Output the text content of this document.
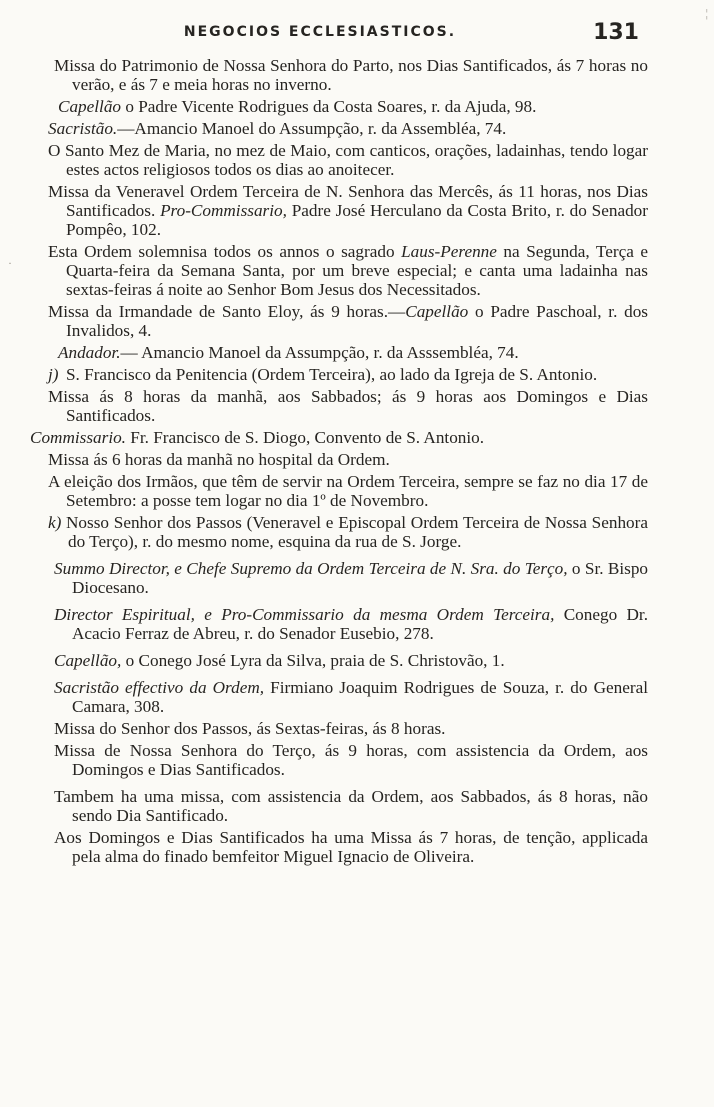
NEGOCIOS ECCLESIASTICOS.	131
¦
·

Missa do Patrimonio de Nossa Senhora do Parto, nos Dias Santificados, ás 7 horas no verão, e ás 7 e meia horas no inverno.

Capellão o Padre Vicente Rodrigues da Costa Soares, r. da Ajuda, 98.

Sacristão.—Amancio Manoel do Assumpção, r. da Assembléa, 74.

O Santo Mez de Maria, no mez de Maio, com canticos, orações, ladainhas, tendo logar estes actos religiosos todos os dias ao anoitecer.

Missa da Veneravel Ordem Terceira de N. Senhora das Mercês, ás 11 horas, nos Dias Santificados. Pro-Commissario, Padre José Herculano da Costa Brito, r. do Senador Pompêo, 102.

Esta Ordem solemnisa todos os annos o sagrado Laus-Perenne na Segunda, Terça e Quarta-feira da Semana Santa, por um breve especial; e canta uma ladainha nas sextas-feiras á noite ao Senhor Bom Jesus dos Necessitados.

Missa da Irmandade de Santo Eloy, ás 9 horas.—Capellão o Padre Paschoal, r. dos Invalidos, 4.

Andador.— Amancio Manoel da Assumpção, r. da Asssembléa, 74.

j) S. Francisco da Penitencia (Ordem Terceira), ao lado da Igreja de S. Antonio.

Missa ás 8 horas da manhã, aos Sabbados; ás 9 horas aos Domingos e Dias Santificados.

Commissario. Fr. Francisco de S. Diogo, Convento de S. Antonio.

Missa ás 6 horas da manhã no hospital da Ordem.

A eleição dos Irmãos, que têm de servir na Ordem Terceira, sempre se faz no dia 17 de Setembro: a posse tem logar no dia 1º de Novembro.

k) Nosso Senhor dos Passos (Veneravel e Episcopal Ordem Terceira de Nossa Senhora do Terço), r. do mesmo nome, esquina da rua de S. Jorge.

Summo Director, e Chefe Supremo da Ordem Terceira de N. Sra. do Terço, o Sr. Bispo Diocesano.

Director Espiritual, e Pro-Commissario da mesma Ordem Terceira, Conego Dr. Acacio Ferraz de Abreu, r. do Senador Eusebio, 278.

Capellão, o Conego José Lyra da Silva, praia de S. Christovão, 1.

Sacristão effectivo da Ordem, Firmiano Joaquim Rodrigues de Souza, r. do General Camara, 308.

Missa do Senhor dos Passos, ás Sextas-feiras, ás 8 horas.

Missa de Nossa Senhora do Terço, ás 9 horas, com assistencia da Ordem, aos Domingos e Dias Santificados.

Tambem ha uma missa, com assistencia da Ordem, aos Sabbados, ás 8 horas, não sendo Dia Santificado.

Aos Domingos e Dias Santificados ha uma Missa ás 7 horas, de tenção, applicada pela alma do finado bemfeitor Miguel Ignacio de Oliveira.
